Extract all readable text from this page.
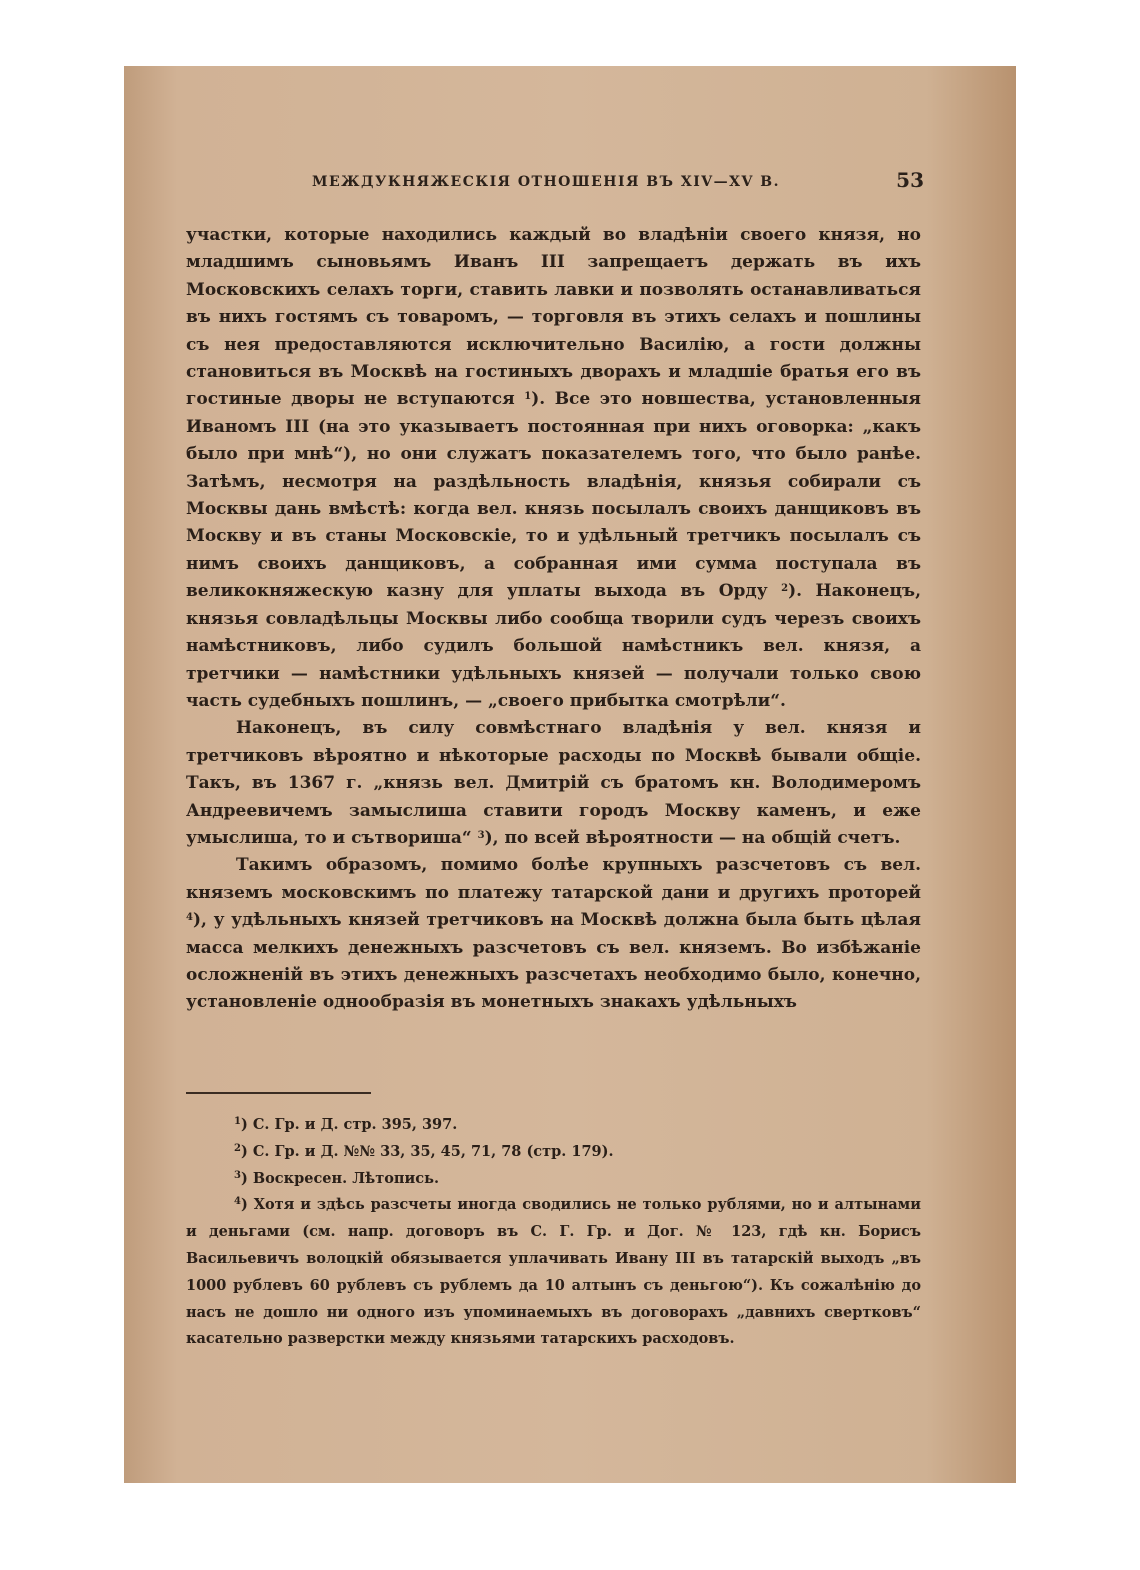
МЕЖДУКНЯЖЕСКІЯ ОТНОШЕНІЯ ВЪ XIV—XV В.	53

участки, которые находились каждый во владѣніи своего князя, но младшимъ сыновьямъ Иванъ III запрещаетъ держать въ ихъ Московскихъ селахъ торги, ставить лавки и позволять останавливаться въ нихъ гостямъ съ товаромъ, — торговля въ этихъ селахъ и пошлины съ нея предоставляются исключительно Василію, а гости должны становиться въ Москвѣ на гостиныхъ дворахъ и младшіе братья его въ гостиные дворы не вступаются $^1$). Все это новшества, установленныя Иваномъ III (на это указываетъ постоянная при нихъ оговорка: „какъ было при мнѣ“), но они служатъ показателемъ того, что было ранѣе. Затѣмъ, несмотря на раздѣльность владѣнія, князья собирали съ Москвы дань вмѣстѣ: когда вел. князь посылалъ своихъ данщиковъ въ Москву и въ станы Московскіе, то и удѣльный третчикъ посылалъ съ нимъ своихъ данщиковъ, а собранная ими сумма поступала въ великокняжескую казну для уплаты выхода въ Орду $^2$). Наконецъ, князья совладѣльцы Москвы либо сообща творили судъ черезъ своихъ намѣстниковъ, либо судилъ большой намѣстникъ вел. князя, а третчики — намѣстники удѣльныхъ князей — получали только свою часть судебныхъ пошлинъ, — „своего прибытка смотрѣли“.

Наконецъ, въ силу совмѣстнаго владѣнія у вел. князя и третчиковъ вѣроятно и нѣкоторые расходы по Москвѣ бывали общіе. Такъ, въ 1367 г. „князь вел. Дмитрій съ братомъ кн. Володимеромъ Андреевичемъ замыслиша ставити городъ Москву каменъ, и еже умыслиша, то и сътвориша“ $^3$), по всей вѣроятности — на общій счетъ.

Такимъ образомъ, помимо болѣе крупныхъ разсчетовъ съ вел. княземъ московскимъ по платежу татарской дани и другихъ проторей $^4$), у удѣльныхъ князей третчиковъ на Москвѣ должна была быть цѣлая масса мелкихъ денежныхъ разсчетовъ съ вел. княземъ. Во избѣжаніе осложненій въ этихъ денежныхъ разсчетахъ необходимо было, конечно, установленіе однообразія въ монетныхъ знакахъ удѣльныхъ

$^1$) С. Гр. и Д. стр. 395, 397.

$^2$) С. Гр. и Д. №№ 33, 35, 45, 71, 78 (стр. 179).

$^3$) Воскресен. Лѣтопись.

$^4$) Хотя и здѣсь разсчеты иногда сводились не только рублями, но и алтынами и деньгами (см. напр. договоръ въ С. Г. Гр. и Дог. № 123, гдѣ кн. Борисъ Васильевичъ волоцкій обязывается уплачивать Ивану III въ татарскій выходъ „въ 1000 рублевъ 60 рублевъ съ рублемъ да 10 алтынъ съ деньгою“). Къ сожалѣнію до насъ не дошло ни одного изъ упоминаемыхъ въ договорахъ „давнихъ свертковъ“ касательно разверстки между князьями татарскихъ расходовъ.
